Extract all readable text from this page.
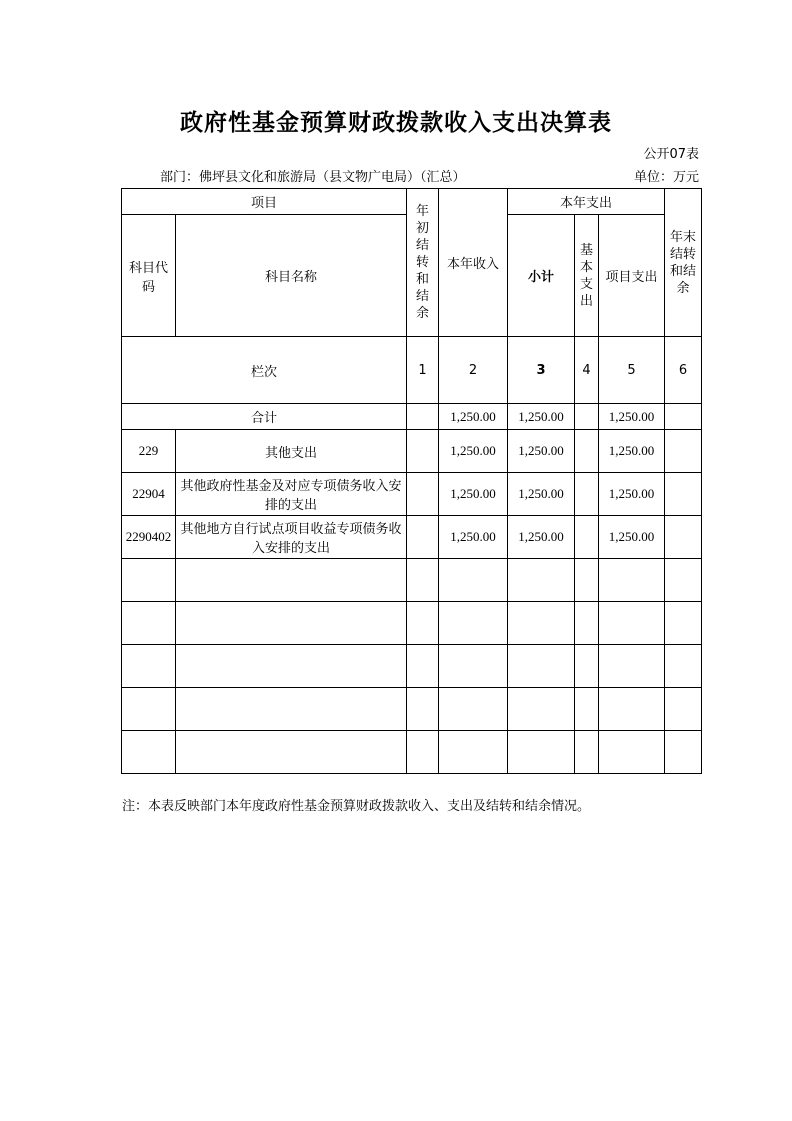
政府性基金预算财政拨款收入支出决算表
公开07表
部门：佛坪县文化和旅游局（县文物广电局）（汇总）	单位：万元
项目		年初结转和结余	本年收入	本年支出			年末结转和结余
科目代码	科目名称			小计	基本支出	项目支出	
栏次		1	2	3	4	5	6
合计			1,250.00	1,250.00		1,250.00	
229	其他支出		1,250.00	1,250.00		1,250.00	
22904	其他政府性基金及对应专项债务收入安排的支出		1,250.00	1,250.00		1,250.00	
2290402	其他地方自行试点项目收益专项债务收入安排的支出		1,250.00	1,250.00		1,250.00	

注：本表反映部门本年度政府性基金预算财政拨款收入、支出及结转和结余情况。
